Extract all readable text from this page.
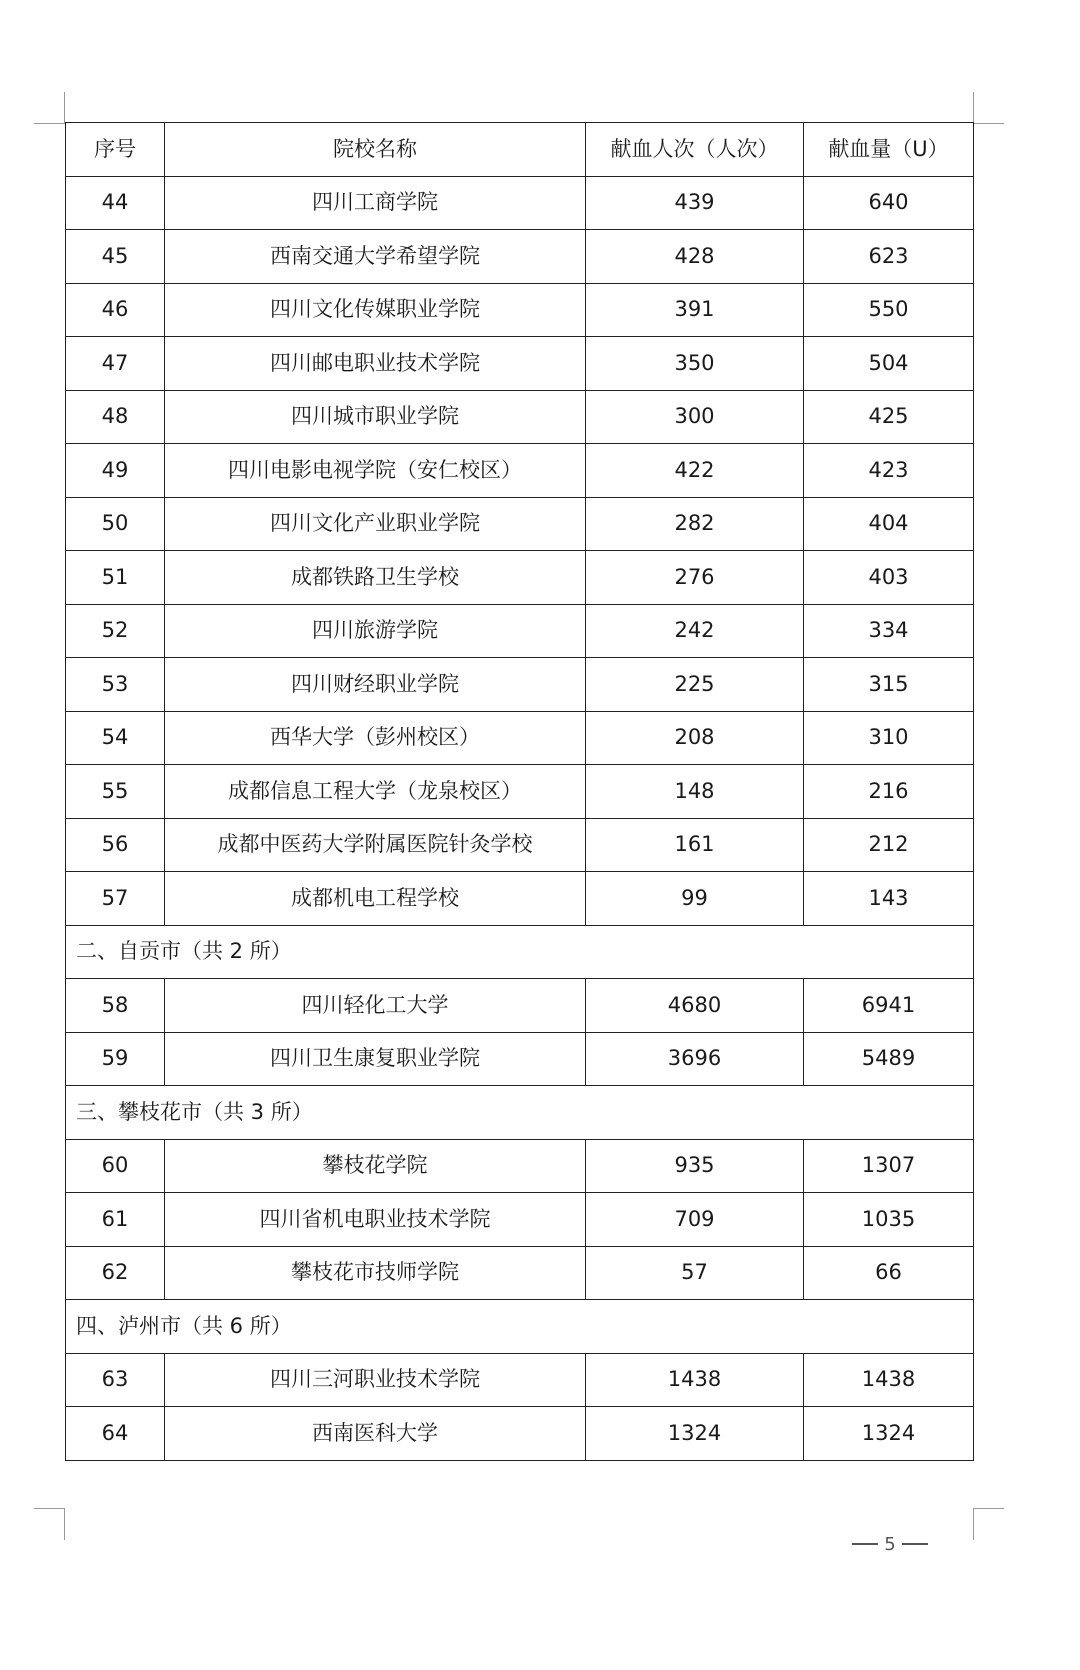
序号	院校名称	献血人次（人次）	献血量（U）
44	四川工商学院	439	640
45	西南交通大学希望学院	428	623
46	四川文化传媒职业学院	391	550
47	四川邮电职业技术学院	350	504
48	四川城市职业学院	300	425
49	四川电影电视学院（安仁校区）	422	423
50	四川文化产业职业学院	282	404
51	成都铁路卫生学校	276	403
52	四川旅游学院	242	334
53	四川财经职业学院	225	315
54	西华大学（彭州校区）	208	310
55	成都信息工程大学（龙泉校区）	148	216
56	成都中医药大学附属医院针灸学校	161	212
57	成都机电工程学校	99	143
二、自贡市（共 2 所）			
58	四川轻化工大学	4680	6941
59	四川卫生康复职业学院	3696	5489
三、攀枝花市（共 3 所）			
60	攀枝花学院	935	1307
61	四川省机电职业技术学院	709	1035
62	攀枝花市技师学院	57	66
四、泸州市（共 6 所）			
63	四川三河职业技术学院	1438	1438
64	西南医科大学	1324	1324
5
